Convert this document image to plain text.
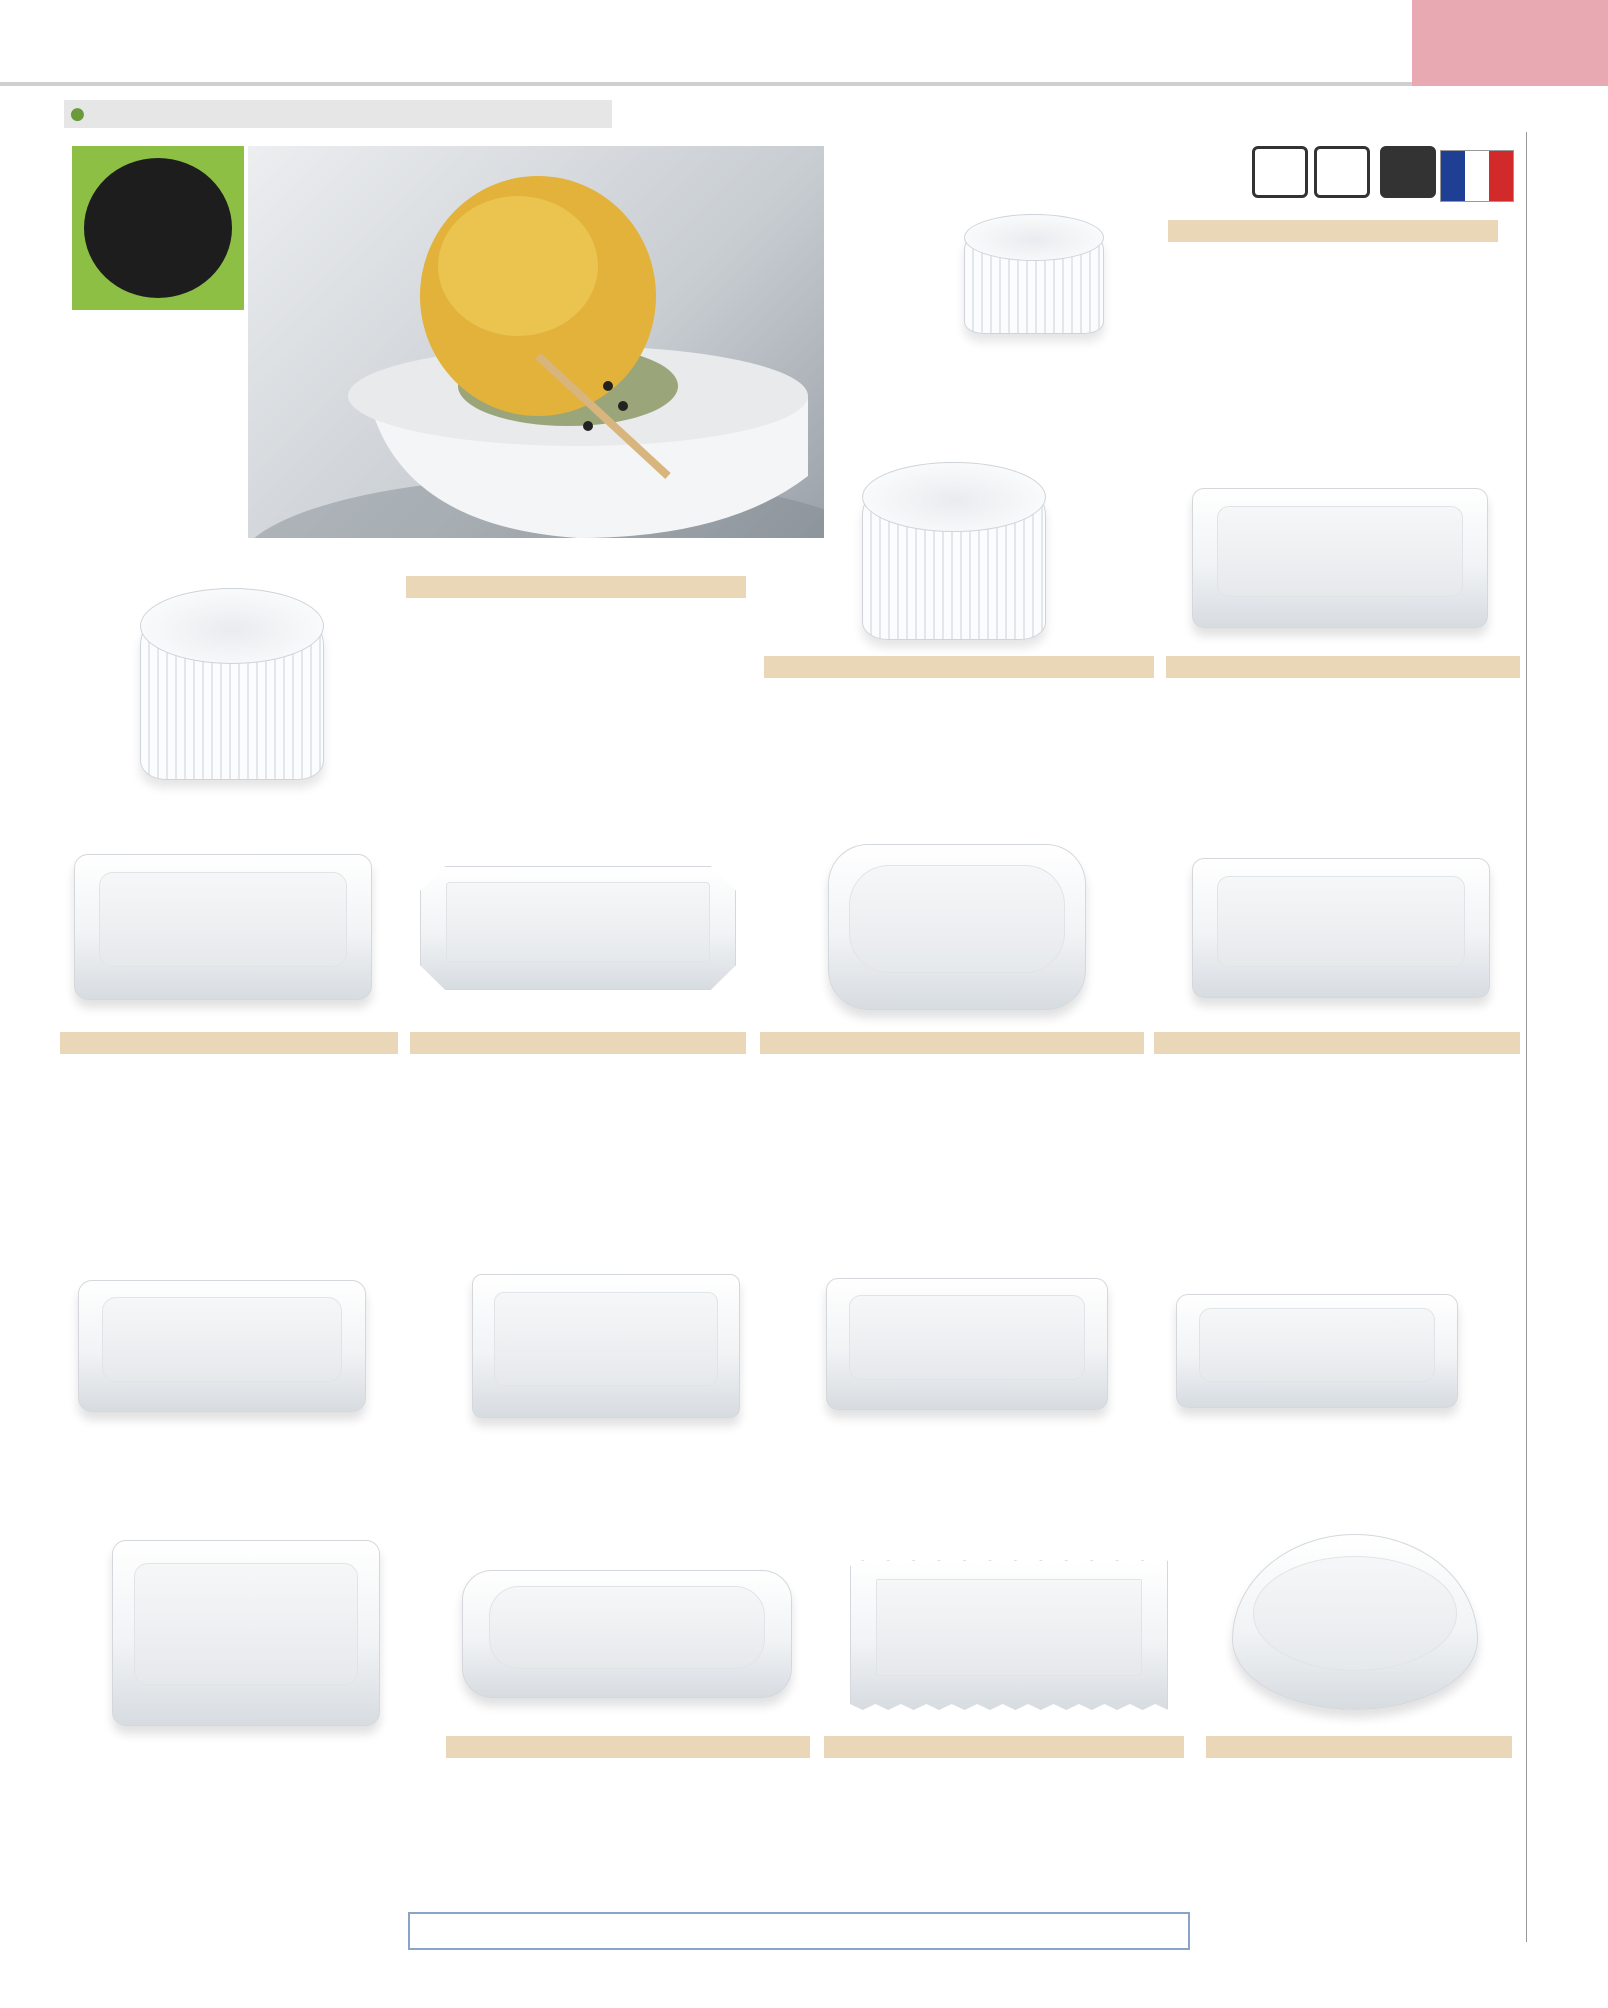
●
